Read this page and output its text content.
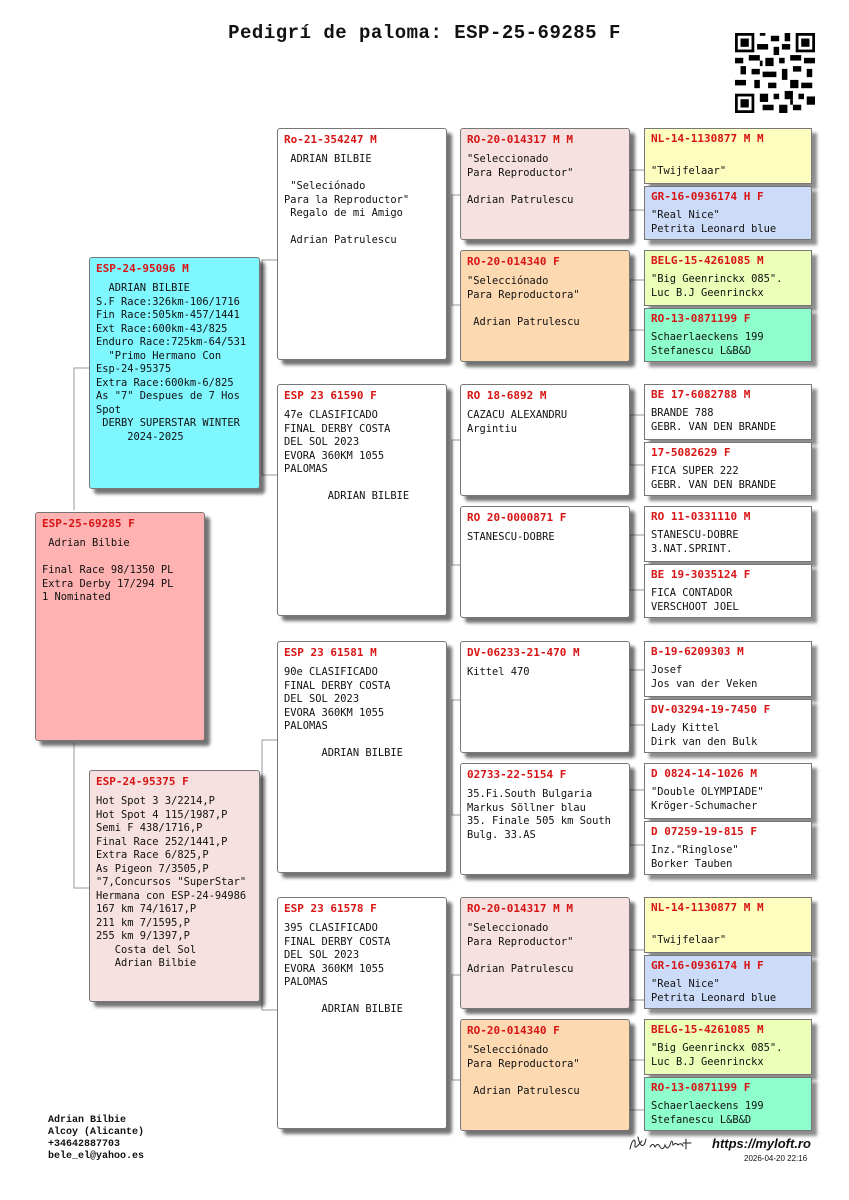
Pedigrí de paloma: ESP-25-69285 F
ESP-25-69285 F
Adrian Bilbie

Final Race 98/1350 PL
Extra Derby 17/294 PL
1 Nominated
ESP-24-95096 M
ADRIAN BILBIE
S.F Race:326km-106/1716
Fin Race:505km-457/1441
Ext Race:600km-43/825
Enduro Race:725km-64/531
"Primo Hermano Con
Esp-24-95375
Extra Race:600km-6/825
As "7" Despues de 7 Hos
Spot
DERBY SUPERSTAR WINTER
2024-2025
ESP-24-95375 F
Hot Spot 3 3/2214,P
Hot Spot 4 115/1987,P
Semi F 438/1716,P
Final Race 252/1441,P
Extra Race 6/825,P
As Pigeon 7/3505,P
"7,Concursos "SuperStar"
Hermana con ESP-24-94986
167 km 74/1617,P
211 km 7/1595,P
255 km 9/1397,P
Costa del Sol
Adrian Bilbie
Ro-21-354247 M
ADRIAN BILBIE

"Seleciónado
Para la Reproductor"
Regalo de mi Amigo

Adrian Patrulescu
ESP 23 61590 F
47e CLASIFICADO
FINAL DERBY COSTA
DEL SOL 2023
EVORA 360KM 1055
PALOMAS

ADRIAN BILBIE
ESP 23 61581 M
90e CLASIFICADO
FINAL DERBY COSTA
DEL SOL 2023
EVORA 360KM 1055
PALOMAS

ADRIAN BILBIE
ESP 23 61578 F
395 CLASIFICADO
FINAL DERBY COSTA
DEL SOL 2023
EVORA 360KM 1055
PALOMAS

ADRIAN BILBIE
RO-20-014317 M M
"Seleccionado
Para Reproductor"

Adrian Patrulescu
RO-20-014340 F
"Selecciónado
Para Reproductora"

Adrian Patrulescu
RO 18-6892 M
CAZACU ALEXANDRU
Argintiu
RO 20-0000871 F
STANESCU-DOBRE
DV-06233-21-470 M
Kittel 470
02733-22-5154 F
35.Fi.South Bulgaria
Markus Söllner blau
35. Finale 505 km South
Bulg. 33.AS
RO-20-014317 M M
"Seleccionado
Para Reproductor"

Adrian Patrulescu
RO-20-014340 F
"Selecciónado
Para Reproductora"

Adrian Patrulescu
NL-14-1130877 M M

"Twijfelaar"
GR-16-0936174 H F
"Real Nice"
Petrita Leonard blue
BELG-15-4261085 M
"Big Geenrinckx 085".
Luc B.J Geenrinckx
RO-13-0871199 F
Schaerlaeckens 199
Stefanescu L&B&D
BE 17-6082788 M
BRANDE 788
GEBR. VAN DEN BRANDE
17-5082629 F
FICA SUPER 222
GEBR. VAN DEN BRANDE
RO 11-0331110 M
STANESCU-DOBRE
3.NAT.SPRINT.
BE 19-3035124 F
FICA CONTADOR
VERSCHOOT JOEL
B-19-6209303 M
Josef
Jos van der Veken
DV-03294-19-7450 F
Lady Kittel
Dirk van den Bulk
D 0824-14-1026 M
"Double OLYMPIADE"
Kröger-Schumacher
D 07259-19-815 F
Inz."Ringlose"
Borker Tauben
NL-14-1130877 M M

"Twijfelaar"
GR-16-0936174 H F
"Real Nice"
Petrita Leonard blue
BELG-15-4261085 M
"Big Geenrinckx 085".
Luc B.J Geenrinckx
RO-13-0871199 F
Schaerlaeckens 199
Stefanescu L&B&D
Adrian Bilbie
Alcoy (Alicante)
+34642887703
bele_el@yahoo.es
https://myloft.ro
2026-04-20 22:16
